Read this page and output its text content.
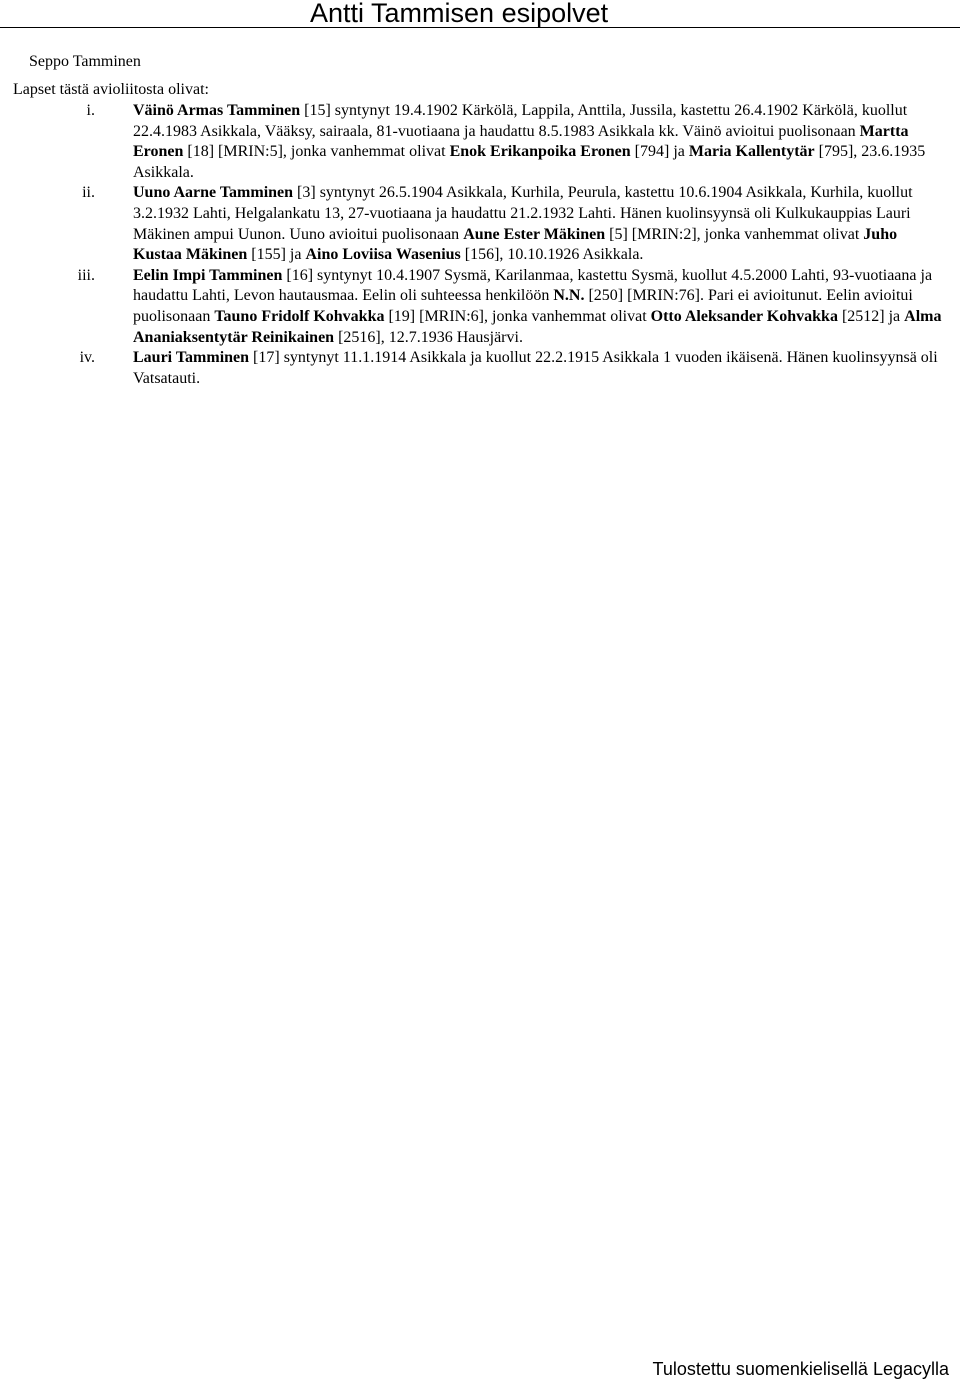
Antti Tammisen esipolvet
Seppo Tamminen
Lapset tästä avioliitosta olivat:
i. Väinö Armas Tamminen [15] syntynyt 19.4.1902 Kärkölä, Lappila, Anttila, Jussila, kastettu 26.4.1902 Kärkölä, kuollut 22.4.1983 Asikkala, Vääksy, sairaala, 81-vuotiaana ja haudattu 8.5.1983 Asikkala kk. Väinö avioitui puolisonaan Martta Eronen [18] [MRIN:5], jonka vanhemmat olivat Enok Erikanpoika Eronen [794] ja Maria Kallentytär [795], 23.6.1935 Asikkala.
ii. Uuno Aarne Tamminen [3] syntynyt 26.5.1904 Asikkala, Kurhila, Peurula, kastettu 10.6.1904 Asikkala, Kurhila, kuollut 3.2.1932 Lahti, Helgalankatu 13, 27-vuotiaana ja haudattu 21.2.1932 Lahti. Hänen kuolinsyynsä oli Kulkukauppias Lauri Mäkinen ampui Uunon. Uuno avioitui puolisonaan Aune Ester Mäkinen [5] [MRIN:2], jonka vanhemmat olivat Juho Kustaa Mäkinen [155] ja Aino Loviisa Wasenius [156], 10.10.1926 Asikkala.
iii. Eelin Impi Tamminen [16] syntynyt 10.4.1907 Sysmä, Karilanmaa, kastettu Sysmä, kuollut 4.5.2000 Lahti, 93-vuotiaana ja haudattu Lahti, Levon hautausmaa. Eelin oli suhteessa henkilöön N.N. [250] [MRIN:76]. Pari ei avioitunut. Eelin avioitui puolisonaan Tauno Fridolf Kohvakka [19] [MRIN:6], jonka vanhemmat olivat Otto Aleksander Kohvakka [2512] ja Alma Ananiaksentytär Reinikainen [2516], 12.7.1936 Hausjärvi.
iv. Lauri Tamminen [17] syntynyt 11.1.1914 Asikkala ja kuollut 22.2.1915 Asikkala 1 vuoden ikäisenä. Hänen kuolinsyynsä oli Vatsatauti.
Tulostettu suomenkielisellä Legacylla
